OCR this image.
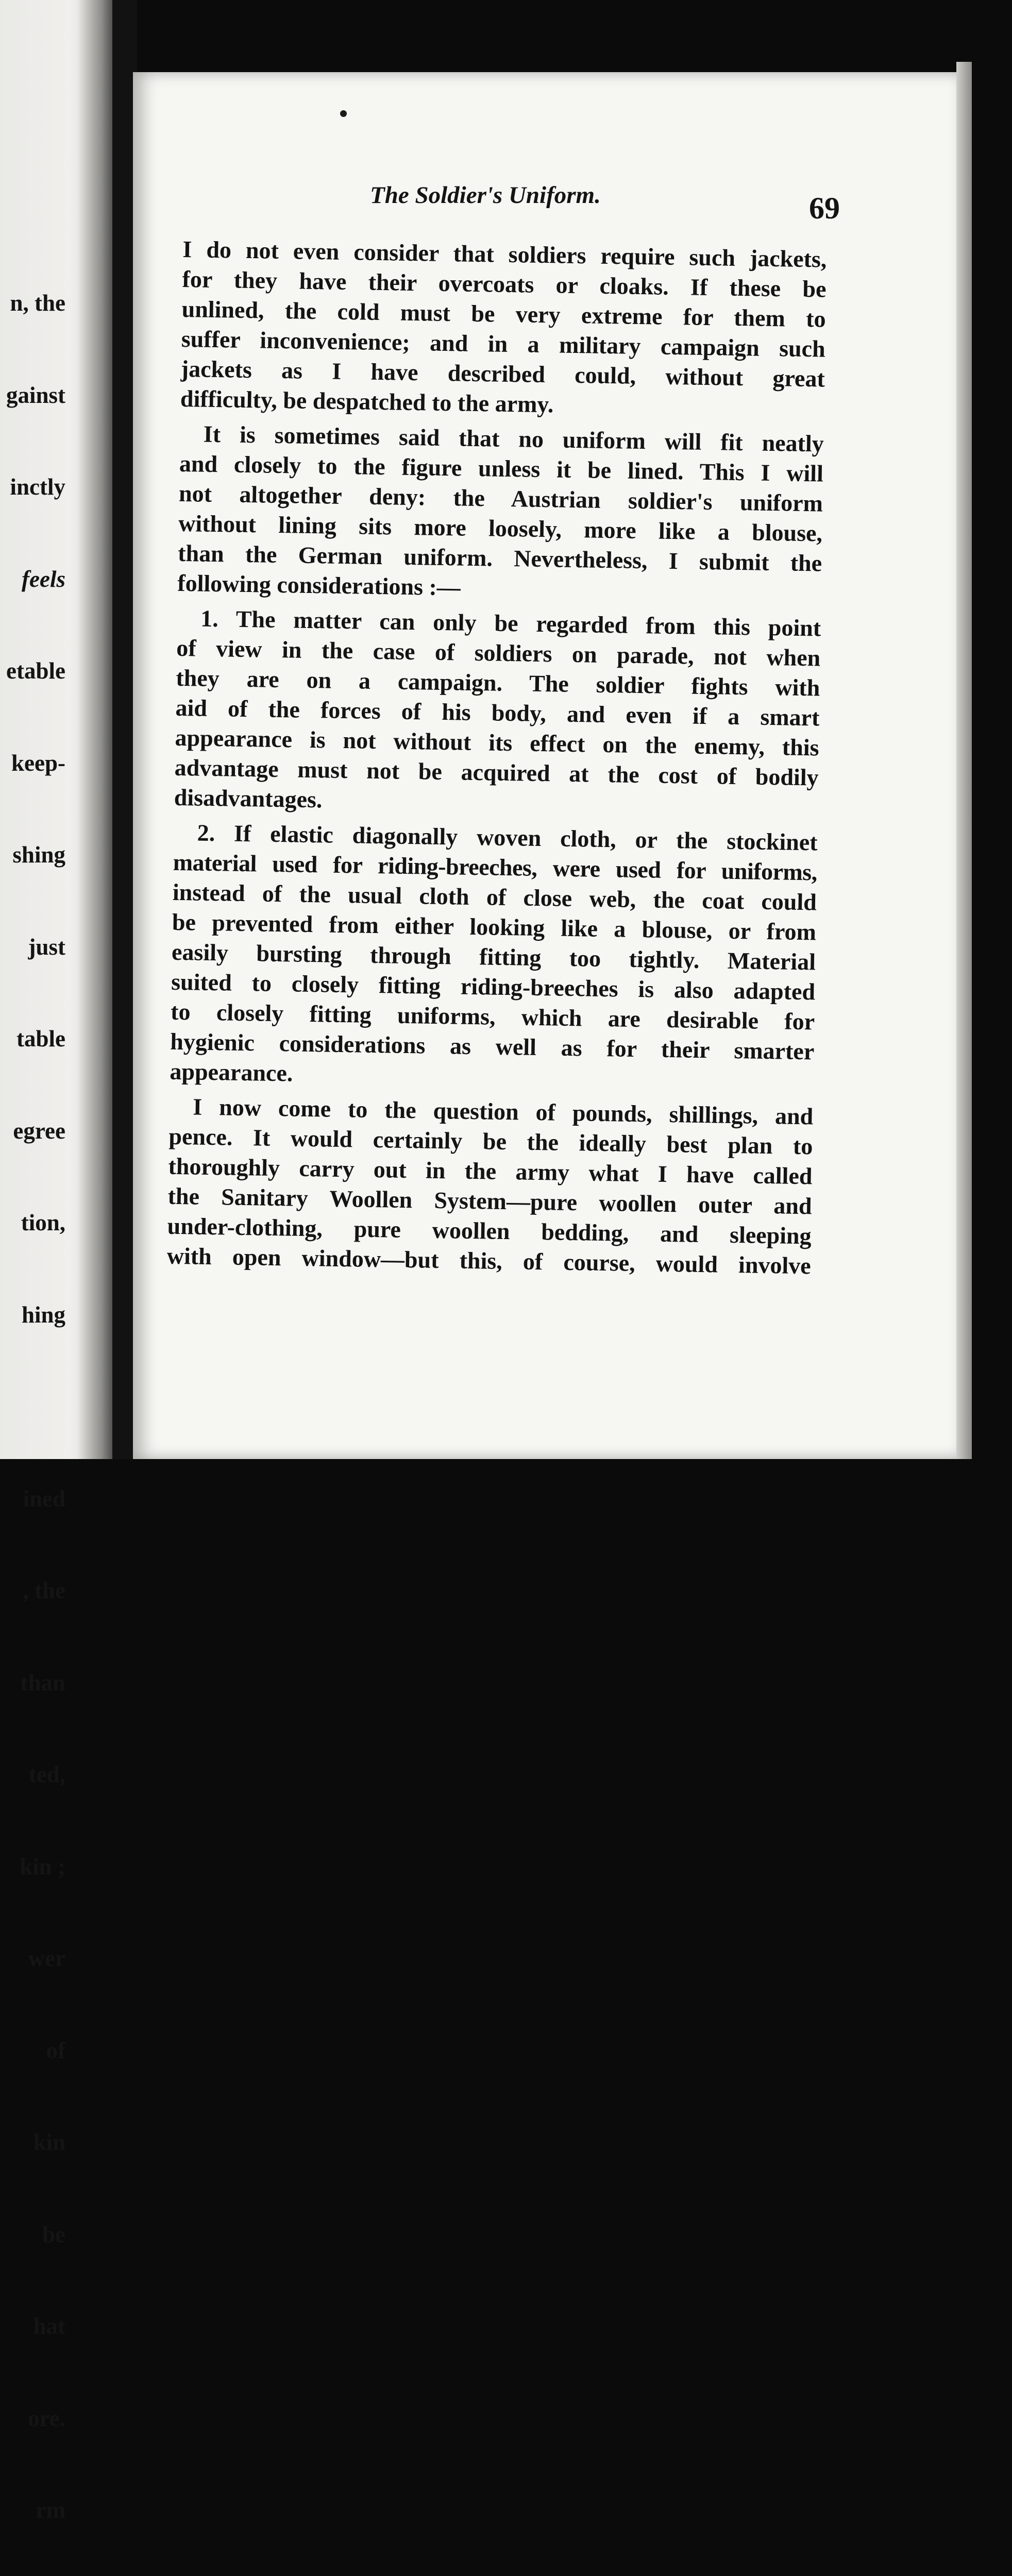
n, the

gainst

inctly

feels

etable

keep-

shing

just

table

egree

tion,

hing

ined

, the

than

ted,

kin ;

wer

of

kin

be

hat

ore.

rm

The Soldier's Uniform.	69
I do not even consider that soldiers require such jackets,
for they have their overcoats or cloaks. If these be
unlined, the cold must be very extreme for them to
suffer inconvenience; and in a military campaign such
jackets as I have described could, without great
difficulty, be despatched to the army.
It is sometimes said that no uniform will fit neatly
and closely to the figure unless it be lined. This I will
not altogether deny: the Austrian soldier's uniform
without lining sits more loosely, more like a blouse,
than the German uniform. Nevertheless, I submit the
following considerations :—
1. The matter can only be regarded from this point
of view in the case of soldiers on parade, not when
they are on a campaign. The soldier fights with
aid of the forces of his body, and even if a smart
appearance is not without its effect on the enemy, this
advantage must not be acquired at the cost of bodily
disadvantages.
2. If elastic diagonally woven cloth, or the stockinet
material used for riding-breeches, were used for uniforms,
instead of the usual cloth of close web, the coat could
be prevented from either looking like a blouse, or from
easily bursting through fitting too tightly. Material
suited to closely fitting riding-breeches is also adapted
to closely fitting uniforms, which are desirable for
hygienic considerations as well as for their smarter
appearance.
I now come to the question of pounds, shillings, and
pence. It would certainly be the ideally best plan to
thoroughly carry out in the army what I have called
the Sanitary Woollen System—pure woollen outer and
under-clothing, pure woollen bedding, and sleeping
with open window—but this, of course, would involve
